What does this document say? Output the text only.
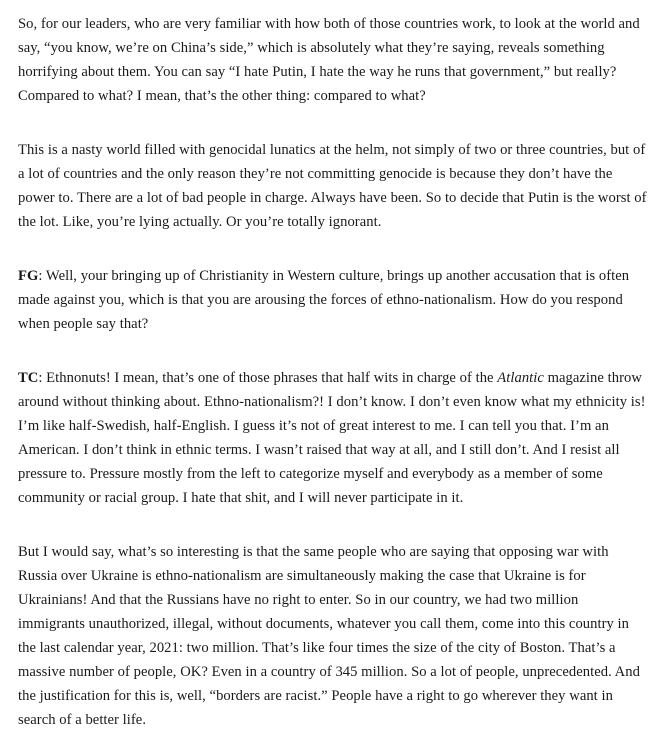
So, for our leaders, who are very familiar with how both of those countries work, to look at the world and say, “you know, we’re on China’s side,” which is absolutely what they’re saying, reveals something horrifying about them. You can say “I hate Putin, I hate the way he runs that government,” but really? Compared to what? I mean, that’s the other thing: compared to what?

This is a nasty world filled with genocidal lunatics at the helm, not simply of two or three countries, but of a lot of countries and the only reason they’re not committing genocide is because they don’t have the power to. There are a lot of bad people in charge. Always have been. So to decide that Putin is the worst of the lot. Like, you’re lying actually. Or you’re totally ignorant.

FG: Well, your bringing up of Christianity in Western culture, brings up another accusation that is often made against you, which is that you are arousing the forces of ethno-nationalism. How do you respond when people say that?

TC: Ethnonuts! I mean, that’s one of those phrases that half wits in charge of the Atlantic magazine throw around without thinking about. Ethno-nationalism?! I don’t know. I don’t even know what my ethnicity is! I’m like half-Swedish, half-English. I guess it’s not of great interest to me. I can tell you that. I’m an American. I don’t think in ethnic terms. I wasn’t raised that way at all, and I still don’t. And I resist all pressure to. Pressure mostly from the left to categorize myself and everybody as a member of some community or racial group. I hate that shit, and I will never participate in it.

But I would say, what’s so interesting is that the same people who are saying that opposing war with Russia over Ukraine is ethno-nationalism are simultaneously making the case that Ukraine is for Ukrainians! And that the Russians have no right to enter. So in our country, we had two million immigrants unauthorized, illegal, without documents, whatever you call them, come into this country in the last calendar year, 2021: two million. That’s like four times the size of the city of Boston. That’s a massive number of people, OK? Even in a country of 345 million. So a lot of people, unprecedented. And the justification for this is, well, “borders are racist.” People have a right to go wherever they want in search of a better life.
